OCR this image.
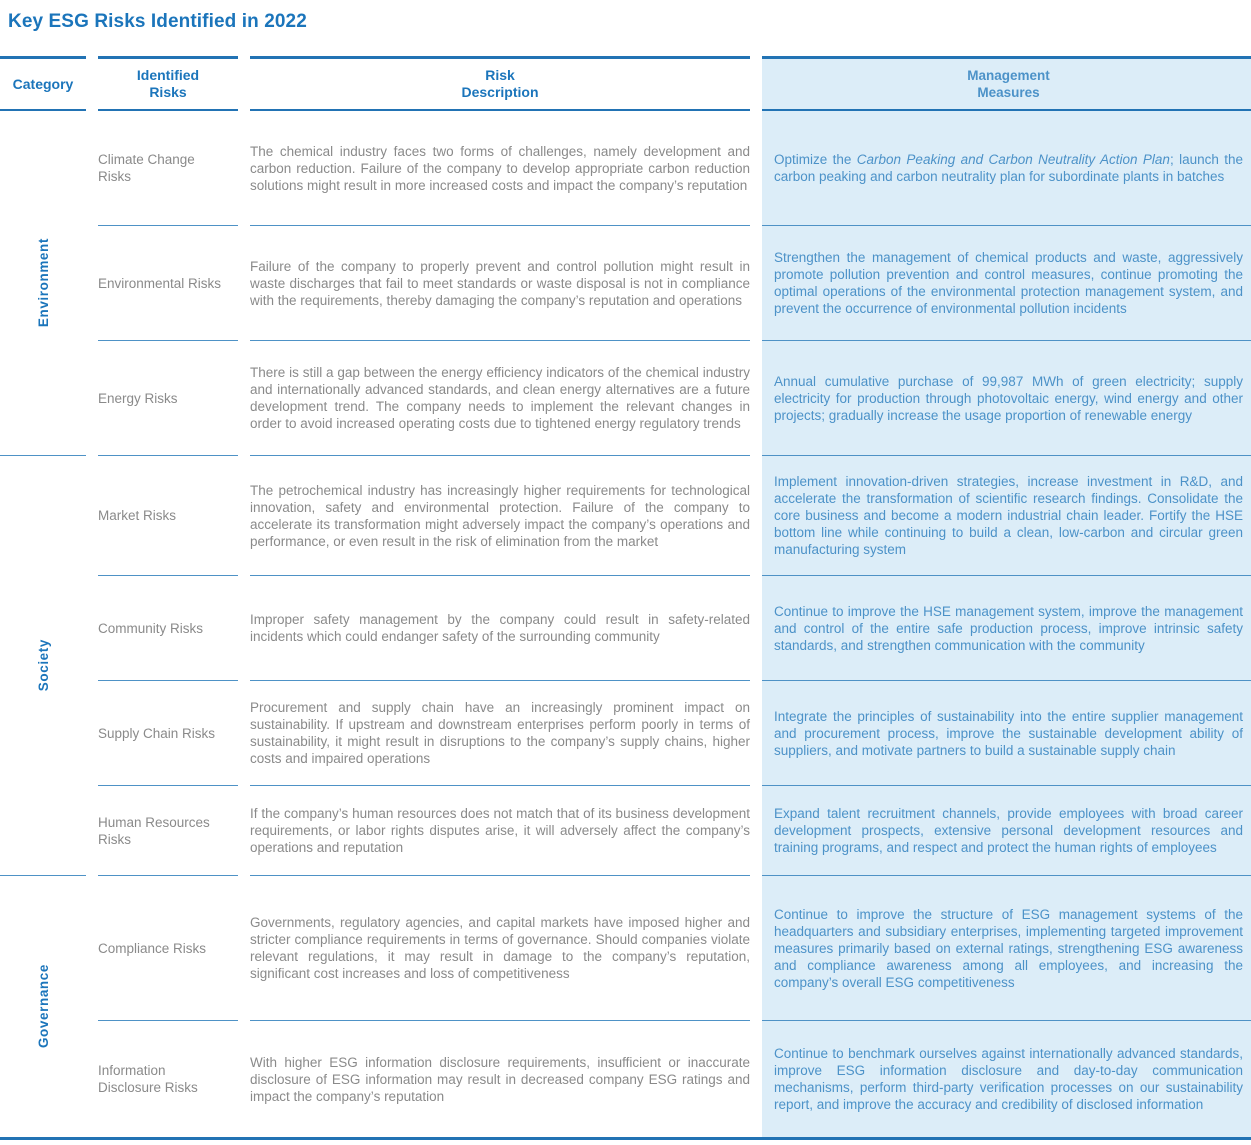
Key ESG Risks Identified in 2022
Category
Identified
Risks
Risk
Description
Management
Measures
Environment
Society
Governance
Climate Change Risks
The chemical industry faces two forms of challenges, namely development and carbon reduction. Failure of the company to develop appropriate carbon reduction solutions might result in more increased costs and impact the company’s reputation
Optimize the Carbon Peaking and Carbon Neutrality Action Plan; launch the carbon peaking and carbon neutrality plan for subordinate plants in batches
Environmental Risks
Failure of the company to properly prevent and control pollution might result in waste discharges that fail to meet standards or waste disposal is not in compliance with the requirements, thereby damaging the company’s reputation and operations
Strengthen the management of chemical products and waste, aggressively promote pollution prevention and control measures, continue promoting the optimal operations of the environmental protection management system, and prevent the occurrence of environmental pollution incidents
Energy Risks
There is still a gap between the energy efficiency indicators of the chemical industry and internationally advanced standards, and clean energy alternatives are a future development trend. The company needs to implement the relevant changes in order to avoid increased operating costs due to tightened energy regulatory trends
Annual cumulative purchase of 99,987 MWh of green electricity; supply electricity for production through photovoltaic energy, wind energy and other projects; gradually increase the usage proportion of renewable energy
Market Risks
The petrochemical industry has increasingly higher requirements for technological innovation, safety and environmental protection. Failure of the company to accelerate its transformation might adversely impact the company’s operations and performance, or even result in the risk of elimination from the market
Implement innovation-driven strategies, increase investment in R&D, and accelerate the transformation of scientific research findings. Consolidate the core business and become a modern industrial chain leader. Fortify the HSE bottom line while continuing to build a clean, low-carbon and circular green manufacturing system
Community Risks
Improper safety management by the company could result in safety-related incidents which could endanger safety of the surrounding community
Continue to improve the HSE management system, improve the management and control of the entire safe production process, improve intrinsic safety standards, and strengthen communication with the community
Supply Chain Risks
Procurement and supply chain have an increasingly prominent impact on sustainability. If upstream and downstream enterprises perform poorly in terms of sustainability, it might result in disruptions to the company’s supply chains, higher costs and impaired operations
Integrate the principles of sustainability into the entire supplier management and procurement process, improve the sustainable development ability of suppliers, and motivate partners to build a sustainable supply chain
Human Resources Risks
If the company’s human resources does not match that of its business development requirements, or labor rights disputes arise, it will adversely affect the company’s operations and reputation
Expand talent recruitment channels, provide employees with broad career development prospects, extensive personal development resources and training programs, and respect and protect the human rights of employees
Compliance Risks
Governments, regulatory agencies, and capital markets have imposed higher and stricter compliance requirements in terms of governance. Should companies violate relevant regulations, it may result in damage to the company’s reputation, significant cost increases and loss of competitiveness
Continue to improve the structure of ESG management systems of the headquarters and subsidiary enterprises, implementing targeted improvement measures primarily based on external ratings, strengthening ESG awareness and compliance awareness among all employees, and increasing the company’s overall ESG competitiveness
Information Disclosure Risks
With higher ESG information disclosure requirements, insufficient or inaccurate disclosure of ESG information may result in decreased company ESG ratings and impact the company’s reputation
Continue to benchmark ourselves against internationally advanced standards, improve ESG information disclosure and day-to-day communication mechanisms, perform third-party verification processes on our sustainability report, and improve the accuracy and credibility of disclosed information
